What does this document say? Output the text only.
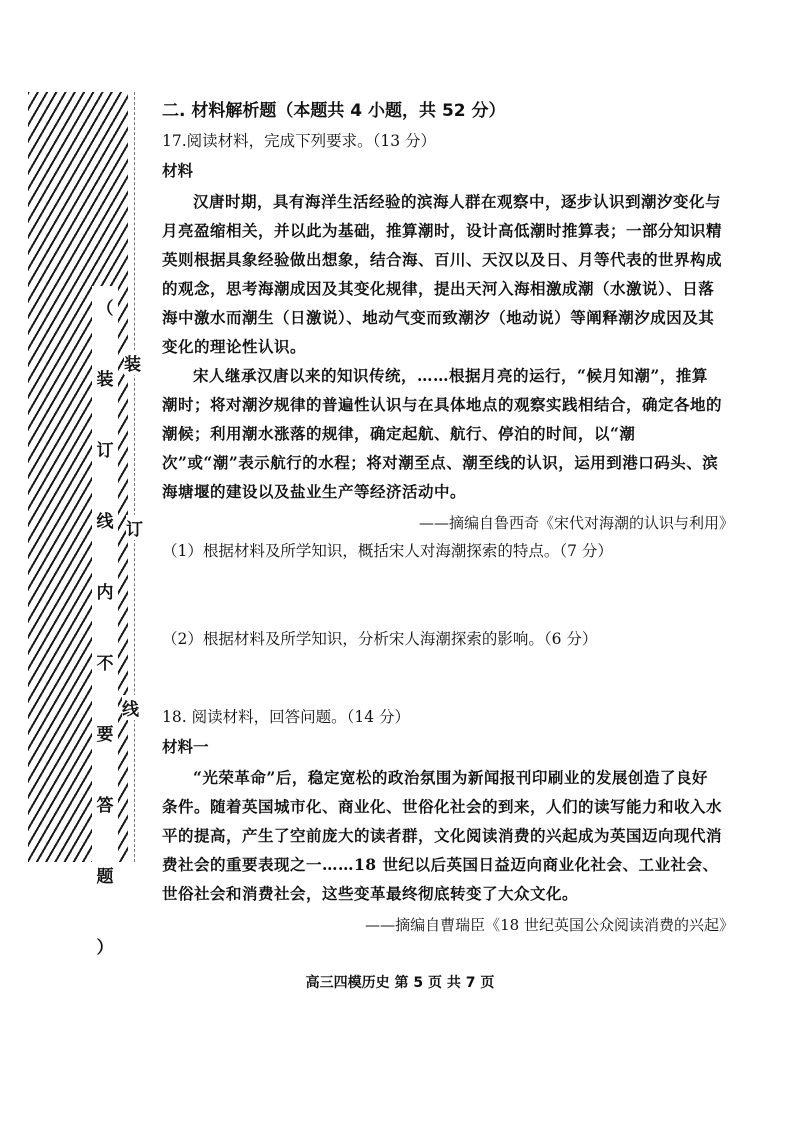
（
装
订
线
内
不
要
答
题
）
装
订
线
二. 材料解析题（本题共 4 小题，共 52 分）
17.阅读材料，完成下列要求。（13 分）
材料

汉唐时期，具有海洋生活经验的滨海人群在观察中，逐步认识到潮汐变化与月亮盈缩相关，并以此为基础，推算潮时，设计高低潮时推算表；一部分知识精英则根据具象经验做出想象，结合海、百川、天汉以及日、月等代表的世界构成的观念，思考海潮成因及其变化规律，提出天河入海相激成潮（水激说）、日落海中激水而潮生（日激说）、地动气变而致潮汐（地动说）等阐释潮汐成因及其变化的理论性认识。

宋人继承汉唐以来的知识传统，……根据月亮的运行，“候月知潮”，推算潮时；将对潮汐规律的普遍性认识与在具体地点的观察实践相结合，确定各地的潮候；利用潮水涨落的规律，确定起航、航行、停泊的时间，以“潮次”或“潮”表示航行的水程；将对潮至点、潮至线的认识，运用到港口码头、滨海塘堰的建设以及盐业生产等经济活动中。

——摘编自鲁西奇《宋代对海潮的认识与利用》
（1）根据材料及所学知识，概括宋人对海潮探索的特点。（7 分）
（2）根据材料及所学知识，分析宋人海潮探索的影响。（6 分）
18. 阅读材料，回答问题。（14 分）
材料一

“光荣革命”后，稳定宽松的政治氛围为新闻报刊印刷业的发展创造了良好条件。随着英国城市化、商业化、世俗化社会的到来，人们的读写能力和收入水平的提高，产生了空前庞大的读者群，文化阅读消费的兴起成为英国迈向现代消费社会的重要表现之一……18 世纪以后英国日益迈向商业化社会、工业社会、世俗社会和消费社会，这些变革最终彻底转变了大众文化。

——摘编自曹瑞臣《18 世纪英国公众阅读消费的兴起》
高三四模历史 第 5 页 共 7 页
